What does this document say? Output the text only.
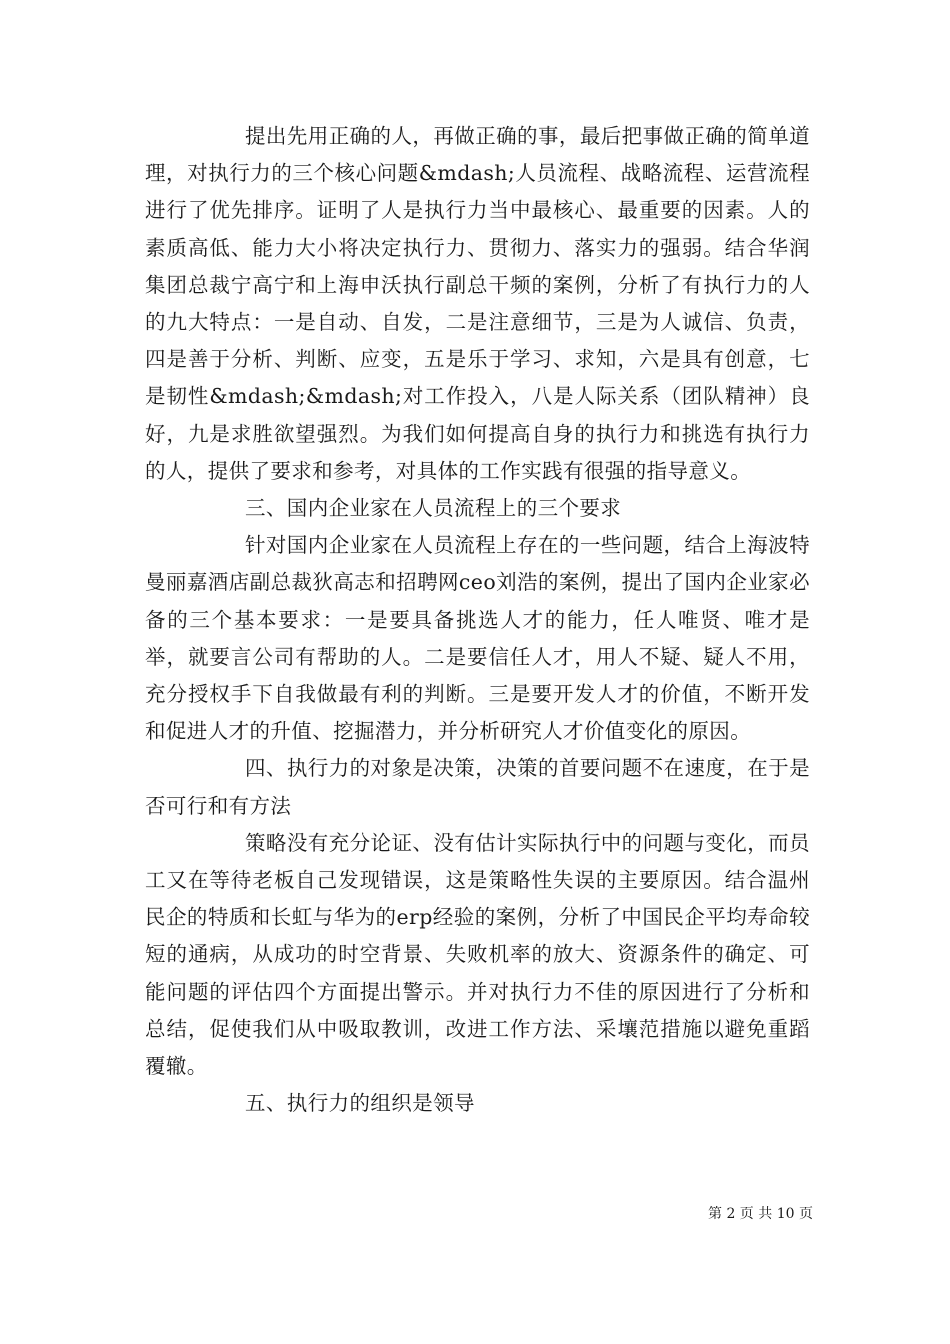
提出先用正确的人，再做正确的事，最后把事做正确的简单道理，对执行力的三个核心问题&mdash;人员流程、战略流程、运营流程进行了优先排序。证明了人是执行力当中最核心、最重要的因素。人的素质高低、能力大小将决定执行力、贯彻力、落实力的强弱。结合华润集团总裁宁高宁和上海申沃执行副总干频的案例，分析了有执行力的人的九大特点：一是自动、自发，二是注意细节，三是为人诚信、负责，四是善于分析、判断、应变，五是乐于学习、求知，六是具有创意，七是韧性&mdash;&mdash;对工作投入，八是人际关系（团队精神）良好，九是求胜欲望强烈。为我们如何提高自身的执行力和挑选有执行力的人，提供了要求和参考，对具体的工作实践有很强的指导意义。

三、国内企业家在人员流程上的三个要求

针对国内企业家在人员流程上存在的一些问题，结合上海波特曼丽嘉酒店副总裁狄高志和招聘网ceo刘浩的案例，提出了国内企业家必备的三个基本要求：一是要具备挑选人才的能力，任人唯贤、唯才是举，就要言公司有帮助的人。二是要信任人才，用人不疑、疑人不用，充分授权手下自我做最有利的判断。三是要开发人才的价值，不断开发和促进人才的升值、挖掘潜力，并分析研究人才价值变化的原因。

四、执行力的对象是决策，决策的首要问题不在速度，在于是否可行和有方法

策略没有充分论证、没有估计实际执行中的问题与变化，而员工又在等待老板自己发现错误，这是策略性失误的主要原因。结合温州民企的特质和长虹与华为的erp经验的案例，分析了中国民企平均寿命较短的通病，从成功的时空背景、失败机率的放大、资源条件的确定、可能问题的评估四个方面提出警示。并对执行力不佳的原因进行了分析和总结，促使我们从中吸取教训，改进工作方法、采壤范措施以避免重蹈覆辙。

五、执行力的组织是领导

第 2 页 共 10 页
